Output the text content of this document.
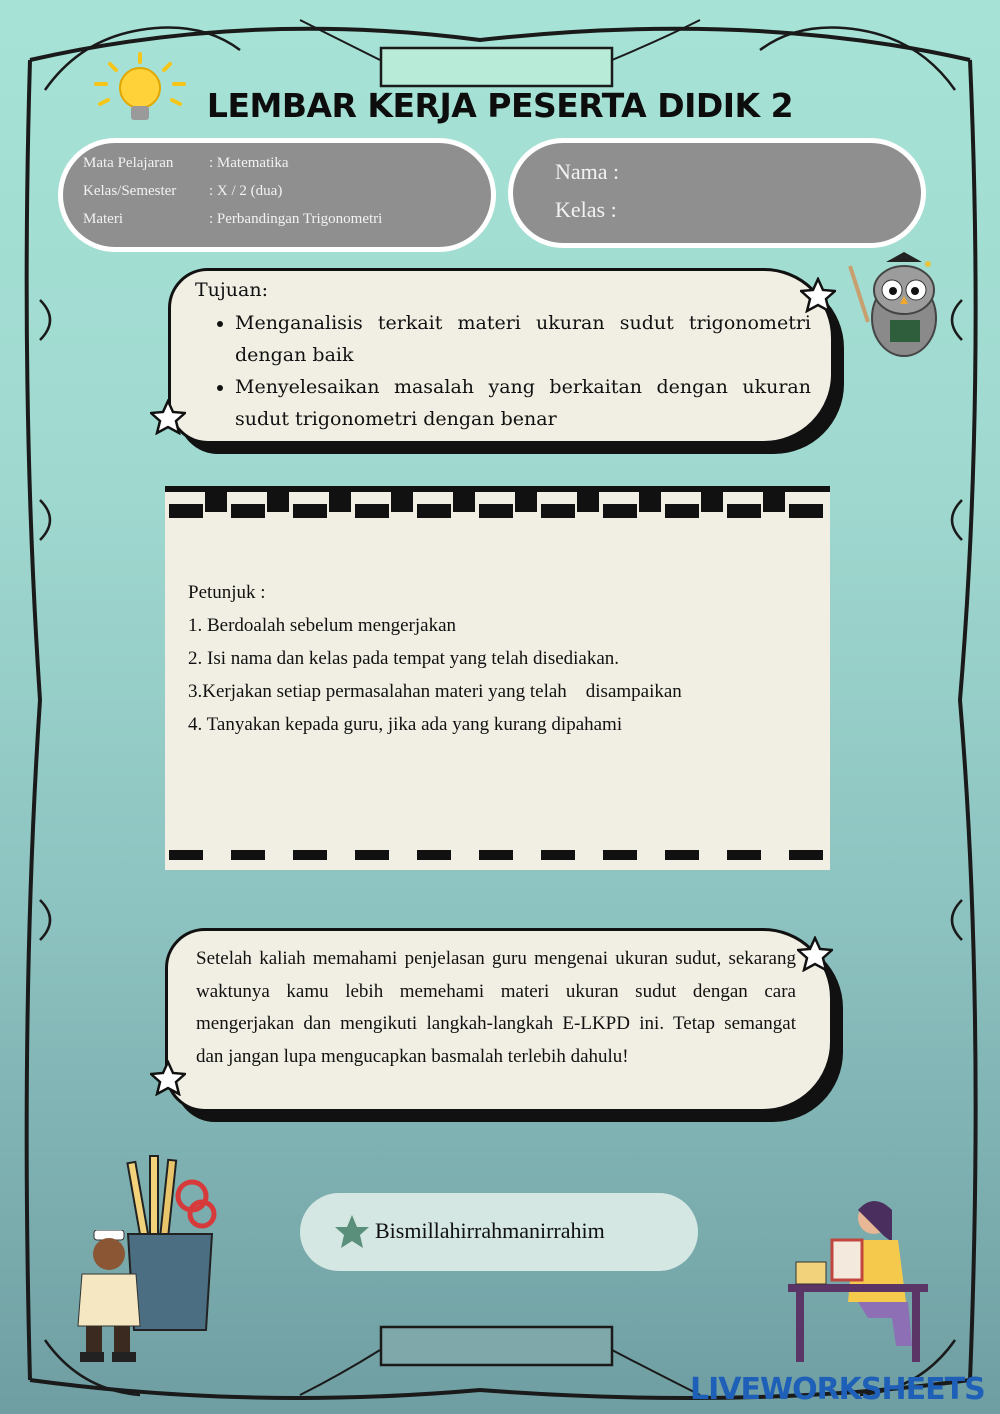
LEMBAR KERJA PESERTA DIDIK 2
Mata Pelajaran : Matematika
Kelas/Semester : X / 2 (dua)
Materi	: Perbandingan Trigonometri
Nama :
Kelas :
Tujuan:
• Menganalisis terkait materi ukuran sudut trigonometri dengan baik
• Menyelesaikan masalah yang berkaitan dengan ukuran sudut trigonometri dengan benar
Petunjuk :
1. Berdoalah sebelum mengerjakan
2. Isi nama dan kelas pada tempat yang telah disediakan.
3.Kerjakan setiap permasalahan materi yang telah    disampaikan
4. Tanyakan kepada guru, jika ada yang kurang dipahami
Setelah kaliah memahami penjelasan guru mengenai ukuran sudut, sekarang waktunya kamu lebih memehami materi ukuran sudut dengan cara mengerjakan dan mengikuti langkah-langkah E-LKPD ini. Tetap semangat dan jangan lupa mengucapkan basmalah terlebih dahulu!
Bismillahirrahmanirrahim
LIVEWORKSHEETS
